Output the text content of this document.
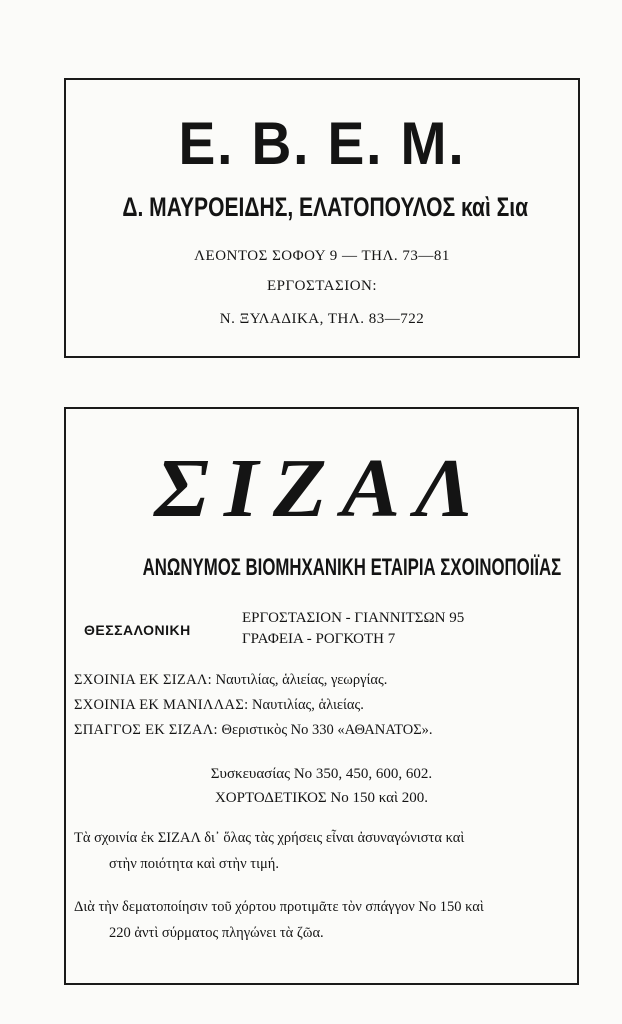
Ε. Β. Ε. Μ.
Δ. ΜΑΥΡΟΕΙΔΗΣ, ΕΛΑΤΟΠΟΥΛΟΣ καὶ Σια
ΛΕΟΝΤΟΣ ΣΟΦΟΥ 9 — ΤΗΛ. 73—81
ΕΡΓΟΣΤΑΣΙΟΝ:
Ν. ΞΥΛΑΔΙΚΑ, ΤΗΛ. 83—722
ΣΙΖΑΛ
ΑΝΩΝΥΜΟΣ ΒΙΟΜΗΧΑΝΙΚΗ ΕΤΑΙΡΙΑ ΣΧΟΙΝΟΠΟΙΪΑΣ
ΘΕΣΣΑΛΟΝΙΚΗ
ΕΡΓΟΣΤΑΣΙΟΝ - ΓΙΑΝΝΙΤΣΩΝ 95
ΓΡΑΦΕΙΑ - ΡΟΓΚΟΤΗ 7
ΣΧΟΙΝΙΑ ΕΚ ΣΙΖΑΛ: Ναυτιλίας, ἁλιείας, γεωργίας.
ΣΧΟΙΝΙΑ ΕΚ ΜΑΝΙΛΛΑΣ: Ναυτιλίας, ἁλιείας.
ΣΠΑΓΓΟΣ ΕΚ ΣΙΖΑΛ: Θεριστικὸς Νο 330 «ΑΘΑΝΑΤΟΣ».
Συσκευασίας Νο 350, 450, 600, 602.
ΧΟΡΤΟΔΕΤΙΚΟΣ Νο 150 καὶ 200.
Τὰ σχοινία ἐκ ΣΙΖΑΛ δι᾿ ὅλας τὰς χρήσεις εἶναι ἀσυναγώνιστα καὶ
στὴν ποιότητα καὶ στὴν τιμή.
Διὰ τὴν δεματοποίησιν τοῦ χόρτου προτιμᾶτε τὸν σπάγγον Νο 150 καὶ
220 ἀντὶ σύρματος πληγώνει τὰ ζῶα.
